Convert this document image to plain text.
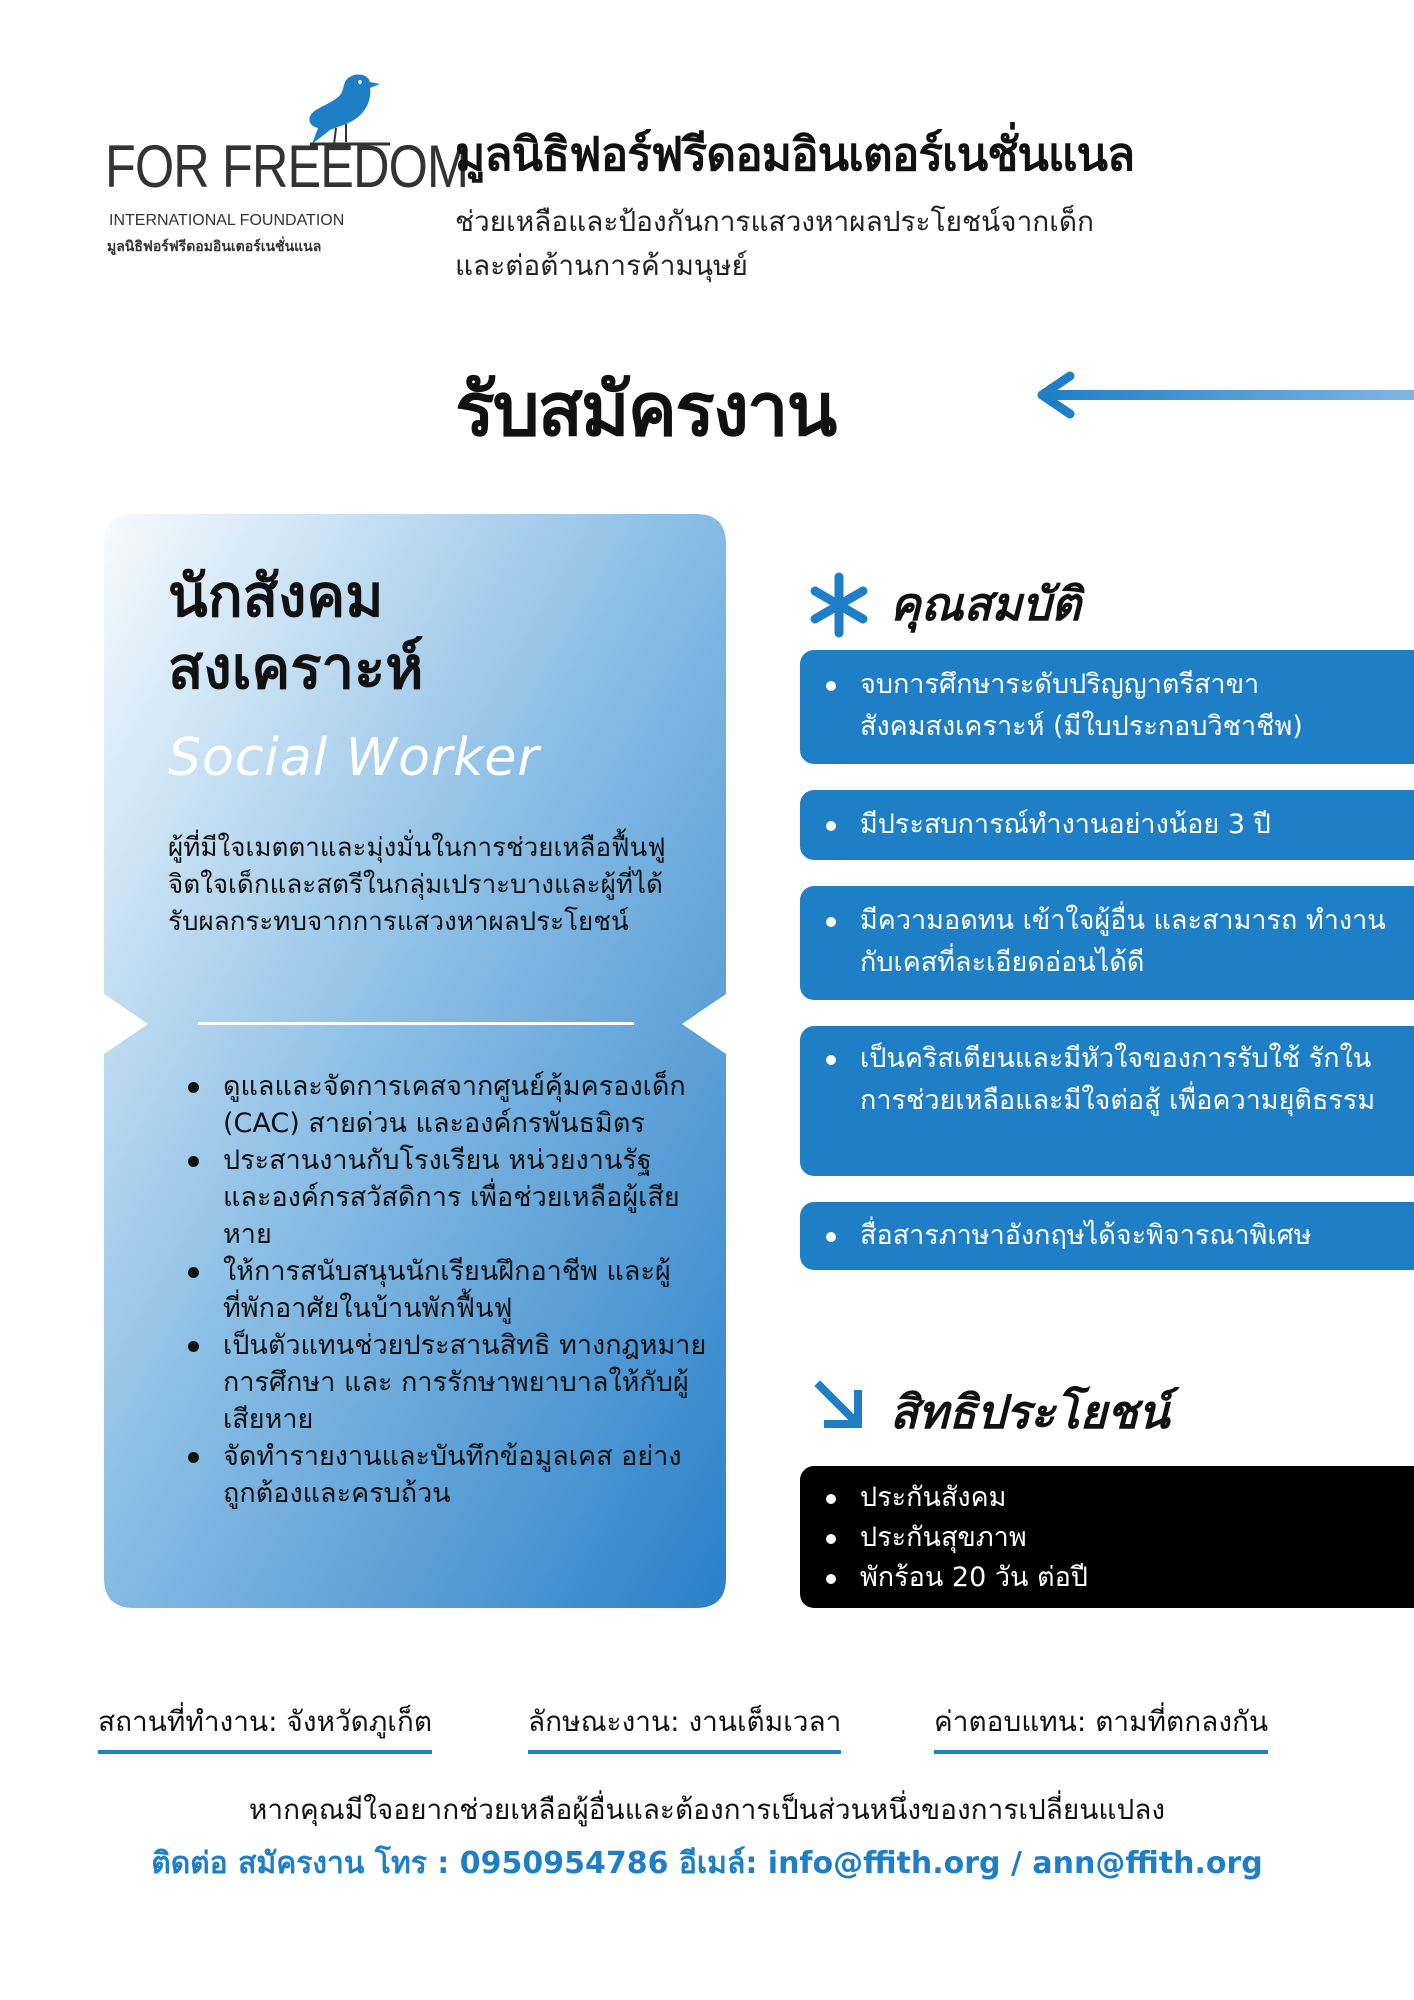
FOR FREEDOM
INTERNATIONAL FOUNDATION
มูลนิธิฟอร์ฟรีดอมอินเตอร์เนชั่นแนล
มูลนิธิฟอร์ฟรีดอมอินเตอร์เนชั่นแนล
ช่วยเหลือและป้องกันการแสวงหาผลประโยชน์จากเด็ก
และต่อต้านการค้ามนุษย์
รับสมัครงาน
นักสังคม
สงเคราะห์
Social Worker
ผู้ที่มีใจเมตตาและมุ่งมั่นในการช่วยเหลือฟื้นฟูจิตใจเด็กและสตรีในกลุ่มเปราะบางและผู้ที่ได้รับผลกระทบจากการแสวงหาผลประโยชน์
ดูแลและจัดการเคสจากศูนย์คุ้มครองเด็ก (CAC) สายด่วน และองค์กรพันธมิตร
ประสานงานกับโรงเรียน หน่วยงานรัฐ และองค์กรสวัสดิการ เพื่อช่วยเหลือผู้เสียหาย
ให้การสนับสนุนนักเรียนฝึกอาชีพ และผู้ที่พักอาศัยในบ้านพักฟื้นฟู
เป็นตัวแทนช่วยประสานสิทธิ ทางกฎหมาย การศึกษา และ การรักษาพยาบาลให้กับผู้เสียหาย
จัดทำรายงานและบันทึกข้อมูลเคส อย่างถูกต้องและครบถ้วน
คุณสมบัติ
จบการศึกษาระดับปริญญาตรีสาขา สังคมสงเคราะห์ (มีใบประกอบวิชาชีพ)
มีประสบการณ์ทำงานอย่างน้อย 3 ปี
มีความอดทน เข้าใจผู้อื่น และสามารถ ทำงานกับเคสที่ละเอียดอ่อนได้ดี
เป็นคริสเตียนและมีหัวใจของการรับใช้ รักในการช่วยเหลือและมีใจต่อสู้ เพื่อความยุติธรรม
สื่อสารภาษาอังกฤษได้จะพิจารณาพิเศษ
สิทธิประโยชน์
ประกันสังคม
ประกันสุขภาพ
พักร้อน 20 วัน ต่อปี
สถานที่ทำงาน: จังหวัดภูเก็ต	ลักษณะงาน: งานเต็มเวลา	ค่าตอบแทน: ตามที่ตกลงกัน
หากคุณมีใจอยากช่วยเหลือผู้อื่นและต้องการเป็นส่วนหนึ่งของการเปลี่ยนแปลง
ติดต่อ สมัครงาน โทร : 0950954786 อีเมล์: info@ffith.org / ann@ffith.org
